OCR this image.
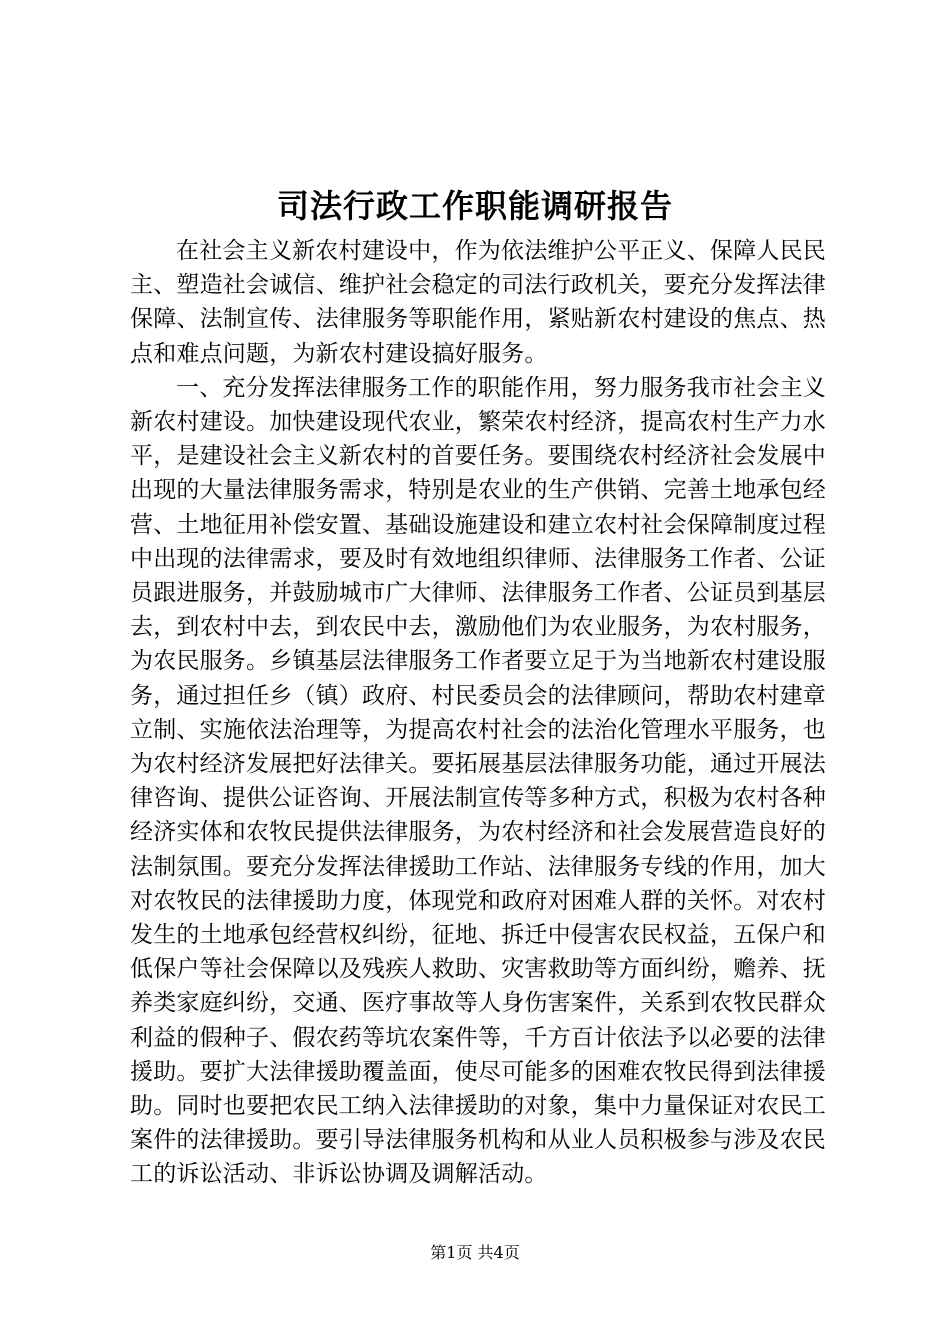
司法行政工作职能调研报告

在社会主义新农村建设中，作为依法维护公平正义、保障人民民主、塑造社会诚信、维护社会稳定的司法行政机关，要充分发挥法律保障、法制宣传、法律服务等职能作用，紧贴新农村建设的焦点、热点和难点问题，为新农村建设搞好服务。

一、充分发挥法律服务工作的职能作用，努力服务我市社会主义新农村建设。加快建设现代农业，繁荣农村经济，提高农村生产力水平，是建设社会主义新农村的首要任务。要围绕农村经济社会发展中出现的大量法律服务需求，特别是农业的生产供销、完善土地承包经营、土地征用补偿安置、基础设施建设和建立农村社会保障制度过程中出现的法律需求，要及时有效地组织律师、法律服务工作者、公证员跟进服务，并鼓励城市广大律师、法律服务工作者、公证员到基层去，到农村中去，到农民中去，激励他们为农业服务，为农村服务，为农民服务。乡镇基层法律服务工作者要立足于为当地新农村建设服务，通过担任乡（镇）政府、村民委员会的法律顾问，帮助农村建章立制、实施依法治理等，为提高农村社会的法治化管理水平服务，也为农村经济发展把好法律关。要拓展基层法律服务功能，通过开展法律咨询、提供公证咨询、开展法制宣传等多种方式，积极为农村各种经济实体和农牧民提供法律服务，为农村经济和社会发展营造良好的法制氛围。要充分发挥法律援助工作站、法律服务专线的作用，加大对农牧民的法律援助力度，体现党和政府对困难人群的关怀。对农村发生的土地承包经营权纠纷，征地、拆迁中侵害农民权益，五保户和低保户等社会保障以及残疾人救助、灾害救助等方面纠纷，赡养、抚养类家庭纠纷，交通、医疗事故等人身伤害案件，关系到农牧民群众利益的假种子、假农药等坑农案件等，千方百计依法予以必要的法律援助。要扩大法律援助覆盖面，使尽可能多的困难农牧民得到法律援助。同时也要把农民工纳入法律援助的对象，集中力量保证对农民工案件的法律援助。要引导法律服务机构和从业人员积极参与涉及农民工的诉讼活动、非诉讼协调及调解活动。

第1页 共4页
